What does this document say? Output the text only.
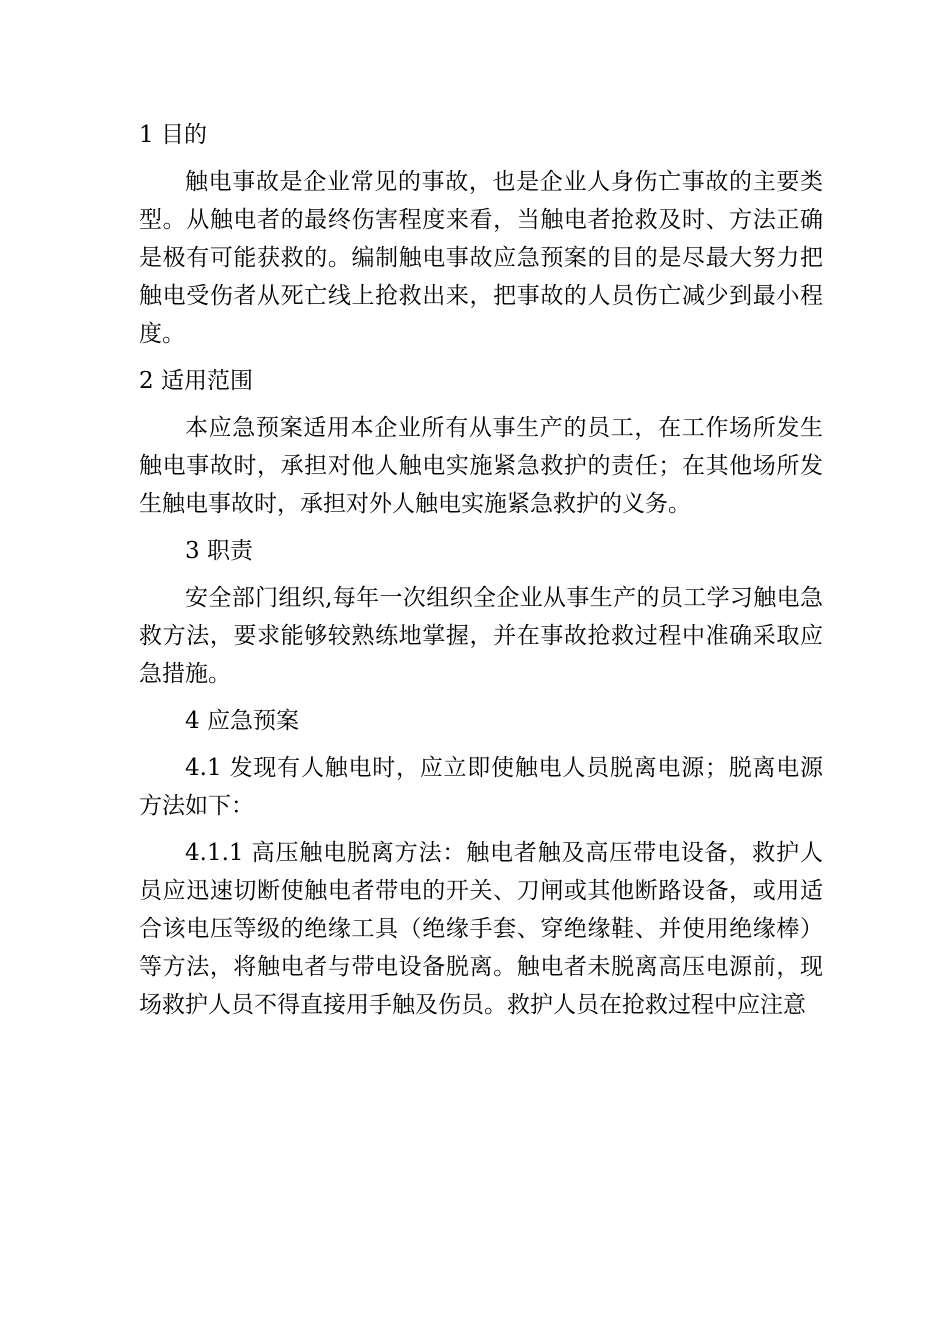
1 目的

触电事故是企业常见的事故，也是企业人身伤亡事故的主要类型。从触电者的最终伤害程度来看，当触电者抢救及时、方法正确是极有可能获救的。编制触电事故应急预案的目的是尽最大努力把触电受伤者从死亡线上抢救出来，把事故的人员伤亡减少到最小程度。

2 适用范围

本应急预案适用本企业所有从事生产的员工，在工作场所发生触电事故时，承担对他人触电实施紧急救护的责任；在其他场所发生触电事故时，承担对外人触电实施紧急救护的义务。

3 职责

安全部门组织,每年一次组织全企业从事生产的员工学习触电急救方法，要求能够较熟练地掌握，并在事故抢救过程中准确采取应急措施。

4 应急预案

4.1 发现有人触电时，应立即使触电人员脱离电源；脱离电源方法如下：

4.1.1 高压触电脱离方法：触电者触及高压带电设备，救护人员应迅速切断使触电者带电的开关、刀闸或其他断路设备，或用适合该电压等级的绝缘工具（绝缘手套、穿绝缘鞋、并使用绝缘棒）等方法，将触电者与带电设备脱离。触电者未脱离高压电源前，现场救护人员不得直接用手触及伤员。救护人员在抢救过程中应注意
